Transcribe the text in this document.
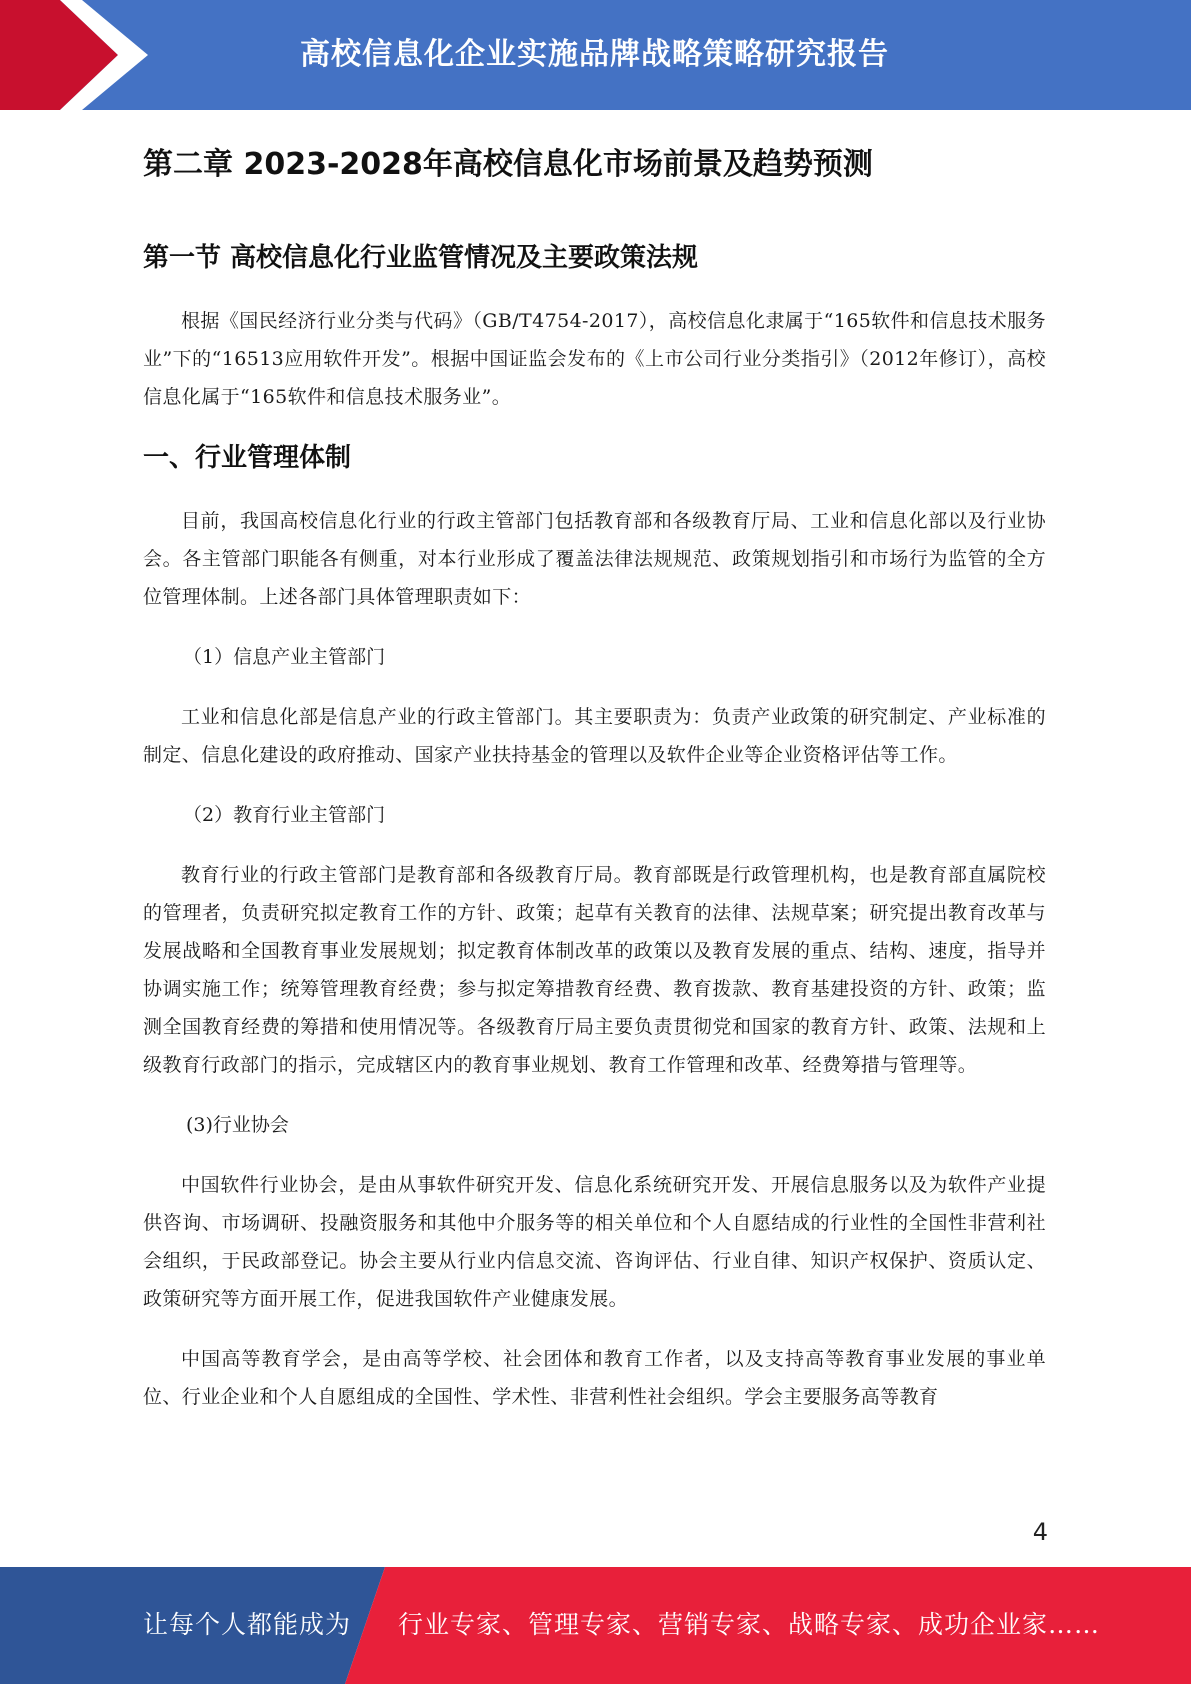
高校信息化企业实施品牌战略策略研究报告
第二章 2023-2028年高校信息化市场前景及趋势预测
第一节 高校信息化行业监管情况及主要政策法规

根据《国民经济行业分类与代码》（GB/T4754-2017），高校信息化隶属于“165软件和信息技术服务业”下的“16513应用软件开发”。根据中国证监会发布的《上市公司行业分类指引》（2012年修订），高校信息化属于“165软件和信息技术服务业”。

一、行业管理体制

目前，我国高校信息化行业的行政主管部门包括教育部和各级教育厅局、工业和信息化部以及行业协会。各主管部门职能各有侧重，对本行业形成了覆盖法律法规规范、政策规划指引和市场行为监管的全方位管理体制。上述各部门具体管理职责如下：

（1）信息产业主管部门

工业和信息化部是信息产业的行政主管部门。其主要职责为：负责产业政策的研究制定、产业标准的制定、信息化建设的政府推动、国家产业扶持基金的管理以及软件企业等企业资格评估等工作。

（2）教育行业主管部门

教育行业的行政主管部门是教育部和各级教育厅局。教育部既是行政管理机构，也是教育部直属院校的管理者，负责研究拟定教育工作的方针、政策；起草有关教育的法律、法规草案；研究提出教育改革与发展战略和全国教育事业发展规划；拟定教育体制改革的政策以及教育发展的重点、结构、速度，指导并协调实施工作；统筹管理教育经费；参与拟定筹措教育经费、教育拨款、教育基建投资的方针、政策；监测全国教育经费的筹措和使用情况等。各级教育厅局主要负责贯彻党和国家的教育方针、政策、法规和上级教育行政部门的指示，完成辖区内的教育事业规划、教育工作管理和改革、经费筹措与管理等。

(3)行业协会

中国软件行业协会，是由从事软件研究开发、信息化系统研究开发、开展信息服务以及为软件产业提供咨询、市场调研、投融资服务和其他中介服务等的相关单位和个人自愿结成的行业性的全国性非营利社会组织，于民政部登记。协会主要从行业内信息交流、咨询评估、行业自律、知识产权保护、资质认定、政策研究等方面开展工作，促进我国软件产业健康发展。

中国高等教育学会，是由高等学校、社会团体和教育工作者，以及支持高等教育事业发展的事业单位、行业企业和个人自愿组成的全国性、学术性、非营利性社会组织。学会主要服务高等教育

4
让每个人都能成为 行业专家、管理专家、营销专家、战略专家、成功企业家……
